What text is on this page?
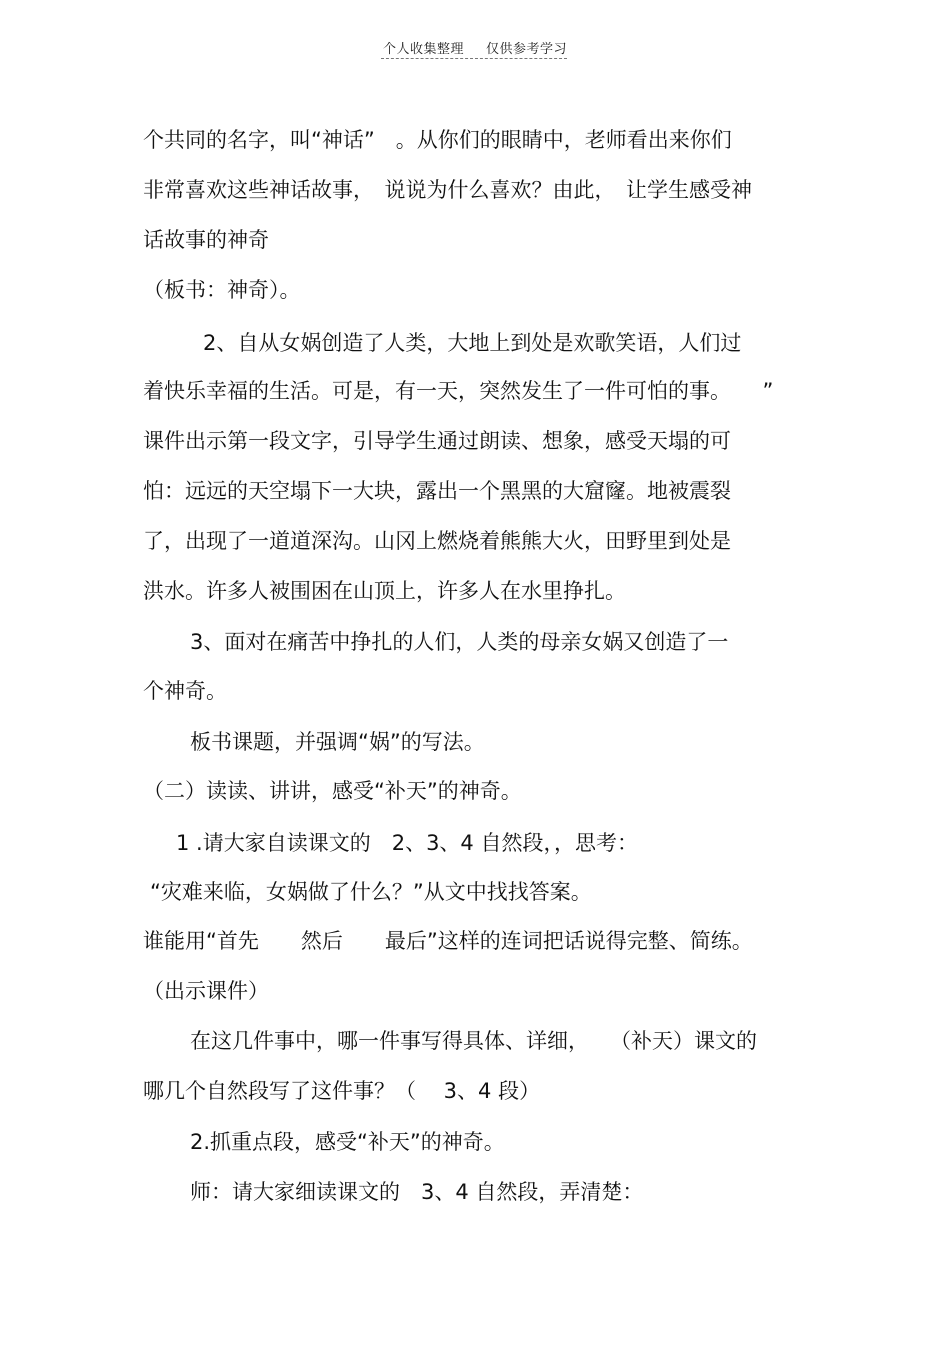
个人收集整理 仅供参考学习
个共同的名字，叫“神话”　。从你们的眼睛中，老师看出来你们
非常喜欢这些神话故事，　说说为什么喜欢？由此，　让学生感受神
话故事的神奇
（板书：神奇）。
2、自从女娲创造了人类，大地上到处是欢歌笑语，人们过
着快乐幸福的生活。可是，有一天，突然发生了一件可怕的事。　　”
课件出示第一段文字，引导学生通过朗读、想象，感受天塌的可
怕：远远的天空塌下一大块，露出一个黑黑的大窟窿。地被震裂
了，出现了一道道深沟。山冈上燃烧着熊熊大火，田野里到处是
洪水。许多人被围困在山顶上，许多人在水里挣扎。
3、面对在痛苦中挣扎的人们，人类的母亲女娲又创造了一
个神奇。
板书课题，并强调“娲”的写法。
（二）读读、讲讲，感受“补天”的神奇。
1 .请大家自读课文的　2、3、4 自然段，，思考：
“灾难来临，女娲做了什么？”从文中找找答案。
谁能用“首先　　然后　　最后”这样的连词把话说得完整、简练。
（出示课件）
在这几件事中，哪一件事写得具体、详细，　　（补天）课文的
哪几个自然段写了这件事？（　 3、4 段）
2.抓重点段，感受“补天”的神奇。
师：请大家细读课文的　3、4 自然段，弄清楚：
